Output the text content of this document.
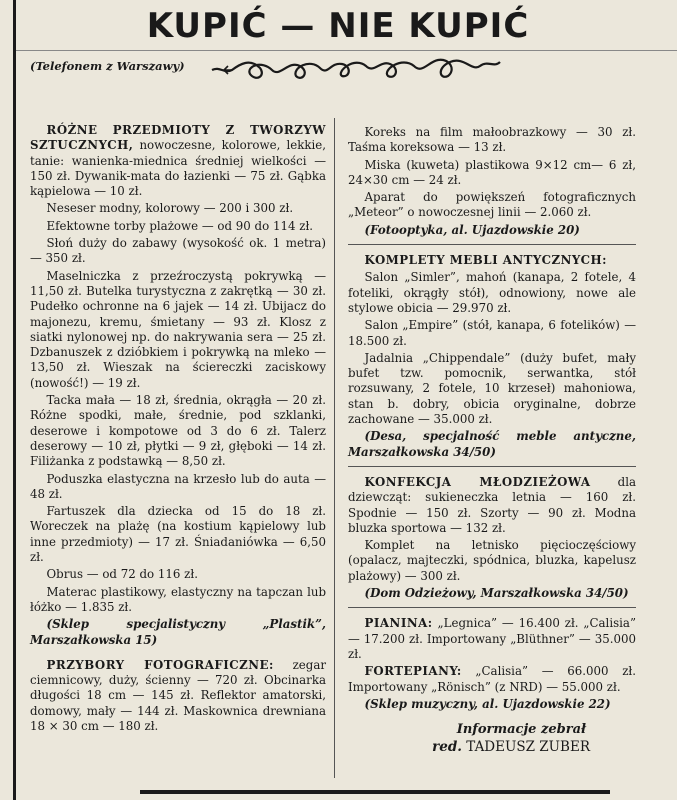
KUPIĆ — NIE KUPIĆ
(Telefonem z Warszawy)

RÓŻNE PRZEDMIOTY Z TWORZYW SZTUCZNYCH, nowoczesne, kolorowe, lekkie, tanie: wanienka-miednica średniej wielkości — 150 zł. Dywanik-mata do łazienki — 75 zł. Gąbka kąpielowa — 10 zł.

Neseser modny, kolorowy — 200 i 300 zł.

Efektowne torby plażowe — od 90 do 114 zł.

Słoń duży do zabawy (wysokość ok. 1 metra) — 350 zł.

Maselniczka z przeźroczystą pokrywką — 11,50 zł. Butelka turystyczna z zakrętką — 30 zł. Pudełko ochronne na 6 jajek — 14 zł. Ubijacz do majonezu, kremu, śmietany — 93 zł. Klosz z siatki nylonowej np. do nakrywania sera — 25 zł. Dzbanuszek z dzióbkiem i pokrywką na mleko — 13,50 zł. Wieszak na ściereczki zaciskowy (nowość!) — 19 zł.

Tacka mała — 18 zł, średnia, okrągła — 20 zł. Różne spodki, małe, średnie, pod szklanki, deserowe i kompotowe od 3 do 6 zł. Talerz deserowy — 10 zł, płytki — 9 zł, głęboki — 14 zł. Filiżanka z podstawką — 8,50 zł.

Poduszka elastyczna na krzesło lub do auta — 48 zł.

Fartuszek dla dziecka od 15 do 18 zł. Woreczek na plażę (na kostium kąpielowy lub inne przedmioty) — 17 zł. Śniadaniówka — 6,50 zł.

Obrus — od 72 do 116 zł.

Materac plastikowy, elastyczny na tapczan lub łóżko — 1.835 zł.

(Sklep specjalistyczny „Plastik”, Marszałkowska 15)

PRZYBORY FOTOGRAFICZNE: zegar ciemnicowy, duży, ścienny — 720 zł. Obcinarka długości 18 cm — 145 zł. Reflektor amatorski, domowy, mały — 144 zł. Maskownica drewniana 18 × 30 cm — 180 zł.

Koreks na film małoobrazkowy — 30 zł. Taśma koreksowa — 13 zł.

Miska (kuweta) plastikowa 9×12 cm— 6 zł, 24×30 cm — 24 zł.

Aparat do powiększeń fotograficznych „Meteor” o nowoczesnej linii — 2.060 zł.

(Fotooptyka, al. Ujazdowskie 20)

KOMPLETY MEBLI ANTYCZNYCH:

Salon „Simler”, mahoń (kanapa, 2 fotele, 4 foteliki, okrągły stół), odnowiony, nowe ale stylowe obicia — 29.970 zł.

Salon „Empire” (stół, kanapa, 6 fotelików) — 18.500 zł.

Jadalnia „Chippendale” (duży bufet, mały bufet tzw. pomocnik, serwantka, stół rozsuwany, 2 fotele, 10 krzeseł) mahoniowa, stan b. dobry, obicia oryginalne, dobrze zachowane — 35.000 zł.

(Desa, specjalność meble antyczne, Marszałkowska 34/50)

KONFEKCJA MŁODZIEŻOWA dla dziewcząt: sukieneczka letnia — 160 zł. Spodnie — 150 zł. Szorty — 90 zł. Modna bluzka sportowa — 132 zł.

Komplet na letnisko pięcioczęściowy (opalacz, majteczki, spódnica, bluzka, kapelusz plażowy) — 300 zł.

(Dom Odzieżowy, Marszałkowska 34/50)

PIANINA: „Legnica” — 16.400 zł. „Calisia” — 17.200 zł. Importowany „Blüthner” — 35.000 zł.

FORTEPIANY: „Calisia” — 66.000 zł. Importowany „Rönisch” (z NRD) — 55.000 zł.

(Sklep muzyczny, al. Ujazdowskie 22)

Informacje zebrał
red. TADEUSZ ZUBER
